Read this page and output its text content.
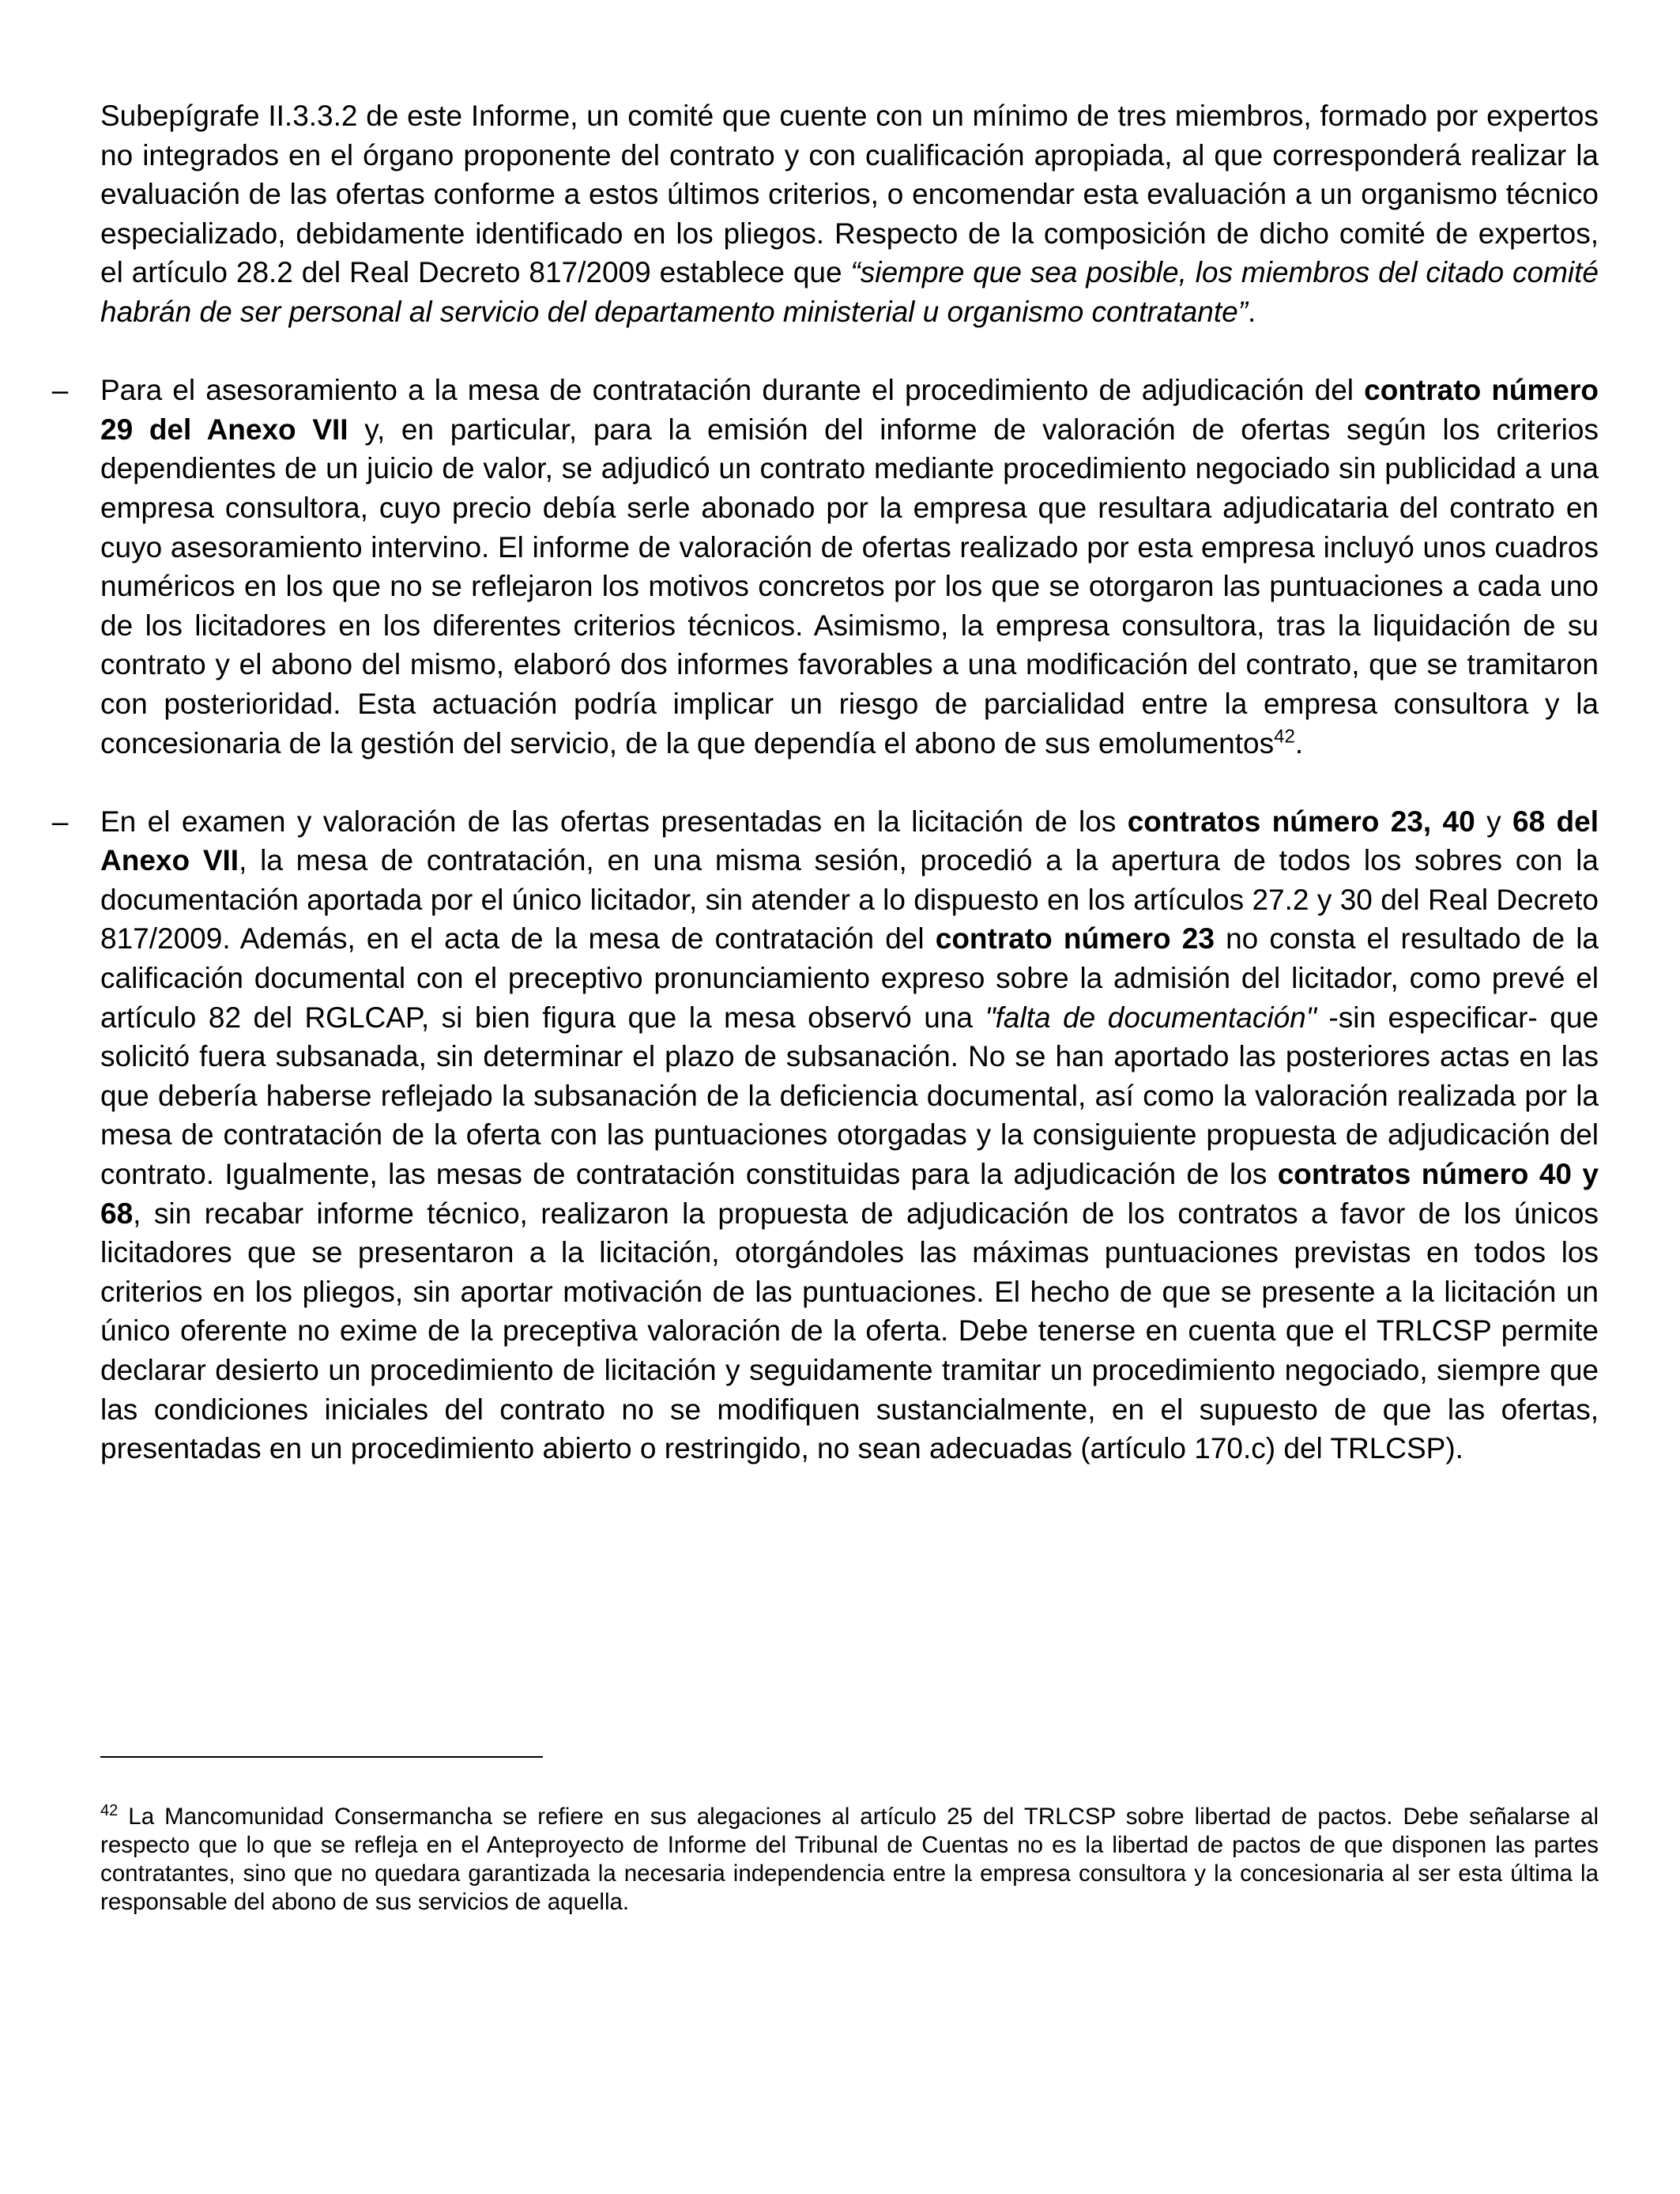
Subepígrafe II.3.3.2 de este Informe, un comité que cuente con un mínimo de tres miembros, formado por expertos no integrados en el órgano proponente del contrato y con cualificación apropiada, al que corresponderá realizar la evaluación de las ofertas conforme a estos últimos criterios, o encomendar esta evaluación a un organismo técnico especializado, debidamente identificado en los pliegos. Respecto de la composición de dicho comité de expertos, el artículo 28.2 del Real Decreto 817/2009 establece que “siempre que sea posible, los miembros del citado comité habrán de ser personal al servicio del departamento ministerial u organismo contratante”.

– Para el asesoramiento a la mesa de contratación durante el procedimiento de adjudicación del contrato número 29 del Anexo VII y, en particular, para la emisión del informe de valoración de ofertas según los criterios dependientes de un juicio de valor, se adjudicó un contrato mediante procedimiento negociado sin publicidad a una empresa consultora, cuyo precio debía serle abonado por la empresa que resultara adjudicataria del contrato en cuyo asesoramiento intervino. El informe de valoración de ofertas realizado por esta empresa incluyó unos cuadros numéricos en los que no se reflejaron los motivos concretos por los que se otorgaron las puntuaciones a cada uno de los licitadores en los diferentes criterios técnicos. Asimismo, la empresa consultora, tras la liquidación de su contrato y el abono del mismo, elaboró dos informes favorables a una modificación del contrato, que se tramitaron con posterioridad. Esta actuación podría implicar un riesgo de parcialidad entre la empresa consultora y la concesionaria de la gestión del servicio, de la que dependía el abono de sus emolumentos$^{42}$.

– En el examen y valoración de las ofertas presentadas en la licitación de los contratos número 23, 40 y 68 del Anexo VII, la mesa de contratación, en una misma sesión, procedió a la apertura de todos los sobres con la documentación aportada por el único licitador, sin atender a lo dispuesto en los artículos 27.2 y 30 del Real Decreto 817/2009. Además, en el acta de la mesa de contratación del contrato número 23 no consta el resultado de la calificación documental con el preceptivo pronunciamiento expreso sobre la admisión del licitador, como prevé el artículo 82 del RGLCAP, si bien figura que la mesa observó una "falta de documentación" -sin especificar- que solicitó fuera subsanada, sin determinar el plazo de subsanación. No se han aportado las posteriores actas en las que debería haberse reflejado la subsanación de la deficiencia documental, así como la valoración realizada por la mesa de contratación de la oferta con las puntuaciones otorgadas y la consiguiente propuesta de adjudicación del contrato. Igualmente, las mesas de contratación constituidas para la adjudicación de los contratos número 40 y 68, sin recabar informe técnico, realizaron la propuesta de adjudicación de los contratos a favor de los únicos licitadores que se presentaron a la licitación, otorgándoles las máximas puntuaciones previstas en todos los criterios en los pliegos, sin aportar motivación de las puntuaciones. El hecho de que se presente a la licitación un único oferente no exime de la preceptiva valoración de la oferta. Debe tenerse en cuenta que el TRLCSP permite declarar desierto un procedimiento de licitación y seguidamente tramitar un procedimiento negociado, siempre que las condiciones iniciales del contrato no se modifiquen sustancialmente, en el supuesto de que las ofertas, presentadas en un procedimiento abierto o restringido, no sean adecuadas (artículo 170.c) del TRLCSP).

$^{42}$ La Mancomunidad Consermancha se refiere en sus alegaciones al artículo 25 del TRLCSP sobre libertad de pactos. Debe señalarse al respecto que lo que se refleja en el Anteproyecto de Informe del Tribunal de Cuentas no es la libertad de pactos de que disponen las partes contratantes, sino que no quedara garantizada la necesaria independencia entre la empresa consultora y la concesionaria al ser esta última la responsable del abono de sus servicios de aquella.
